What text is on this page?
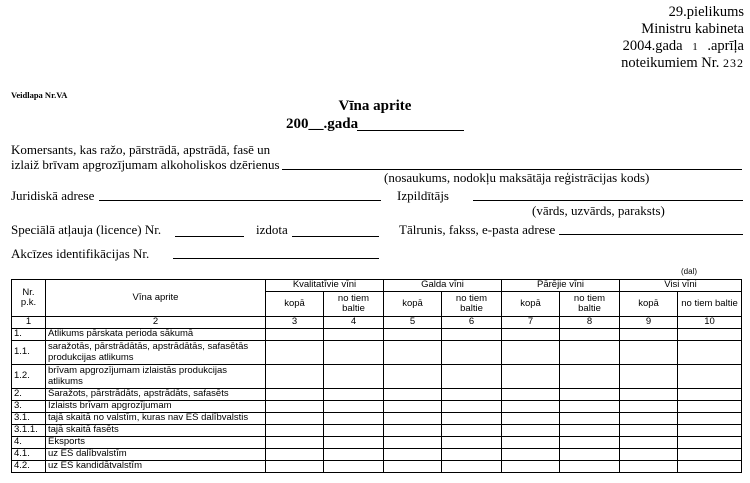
29.pielikums
Ministru kabineta
2004.gada 1 .aprīļa
noteikumiem Nr. 232
Veidlapa Nr.VA
Vīna aprite
200__.gada
Komersants, kas ražo, pārstrādā, apstrādā, fasē un
izlaiž brīvam apgrozījumam alkoholiskos dzērienus
(nosaukums, nodokļu maksātāja reģistrācijas kods)
Juridiskā adrese	Izpildītājs
(vārds, uzvārds, paraksts)
Speciālā atļauja (licence) Nr.	izdota	Tālrunis, fakss, e-pasta adrese
Akcīzes identifikācijas Nr.
(dal)
Nr. p.k.	Vīna aprite	Kvalitatīvie vīni		Galda vīni		Pārējie vīni		Visi vīni	
		kopā	no tiem baltie	kopā	no tiem baltie	kopā	no tiem baltie	kopā	no tiem baltie
1	2	3	4	5	6	7	8	9	10
1.	Atlikums pārskata perioda sākumā								
1.1.	saražotās, pārstrādātās, apstrādātās, safasētās produkcijas atlikums								
1.2.	brīvam apgrozījumam izlaistās produkcijas atlikums								
2.	Saražots, pārstrādāts, apstrādāts, safasēts								
3.	Izlaists brīvam apgrozījumam								
3.1.	tajā skaitā no valstīm, kuras nav ES dalībvalstis								
3.1.1.	tajā skaitā fasēts								
4.	Eksports								
4.1.	uz ES dalībvalstīm								
4.2.	uz ES kandidātvalstīm								
